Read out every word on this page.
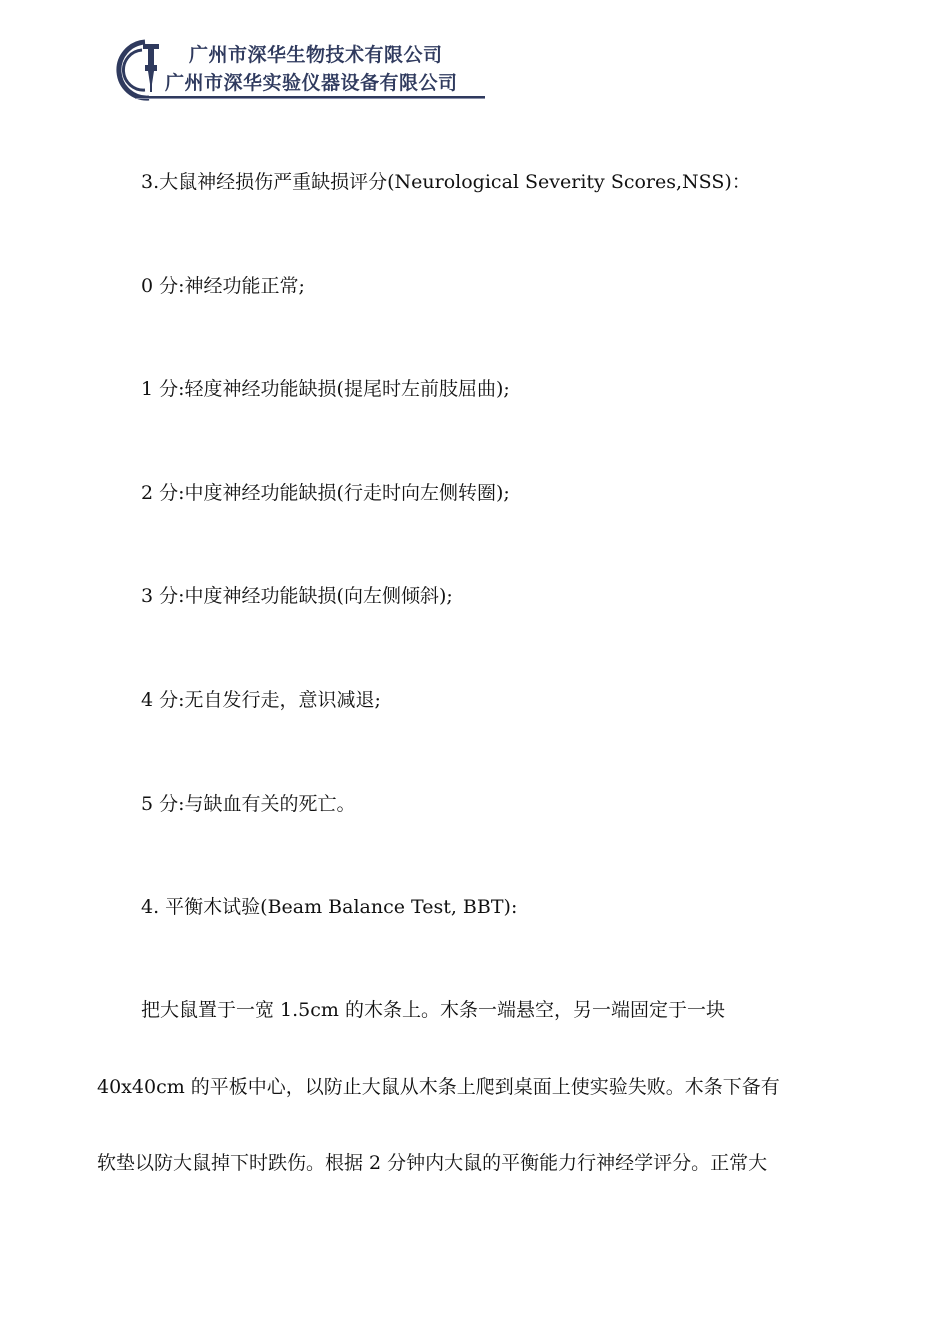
广州市深华生物技术有限公司
广州市深华实验仪器设备有限公司
3.大鼠神经损伤严重缺损评分(Neurological Severity Scores,NSS)：
0 分:神经功能正常;
1 分:轻度神经功能缺损(提尾时左前肢屈曲);
2 分:中度神经功能缺损(行走时向左侧转圈);
3 分:中度神经功能缺损(向左侧倾斜);
4 分:无自发行走，意识减退;
5 分:与缺血有关的死亡。
4. 平衡木试验(Beam Balance Test, BBT):
把大鼠置于一宽 1.5cm 的木条上。木条一端悬空，另一端固定于一块
40x40cm 的平板中心，以防止大鼠从木条上爬到桌面上使实验失败。木条下备有
软垫以防大鼠掉下时跌伤。根据 2 分钟内大鼠的平衡能力行神经学评分。正常大
